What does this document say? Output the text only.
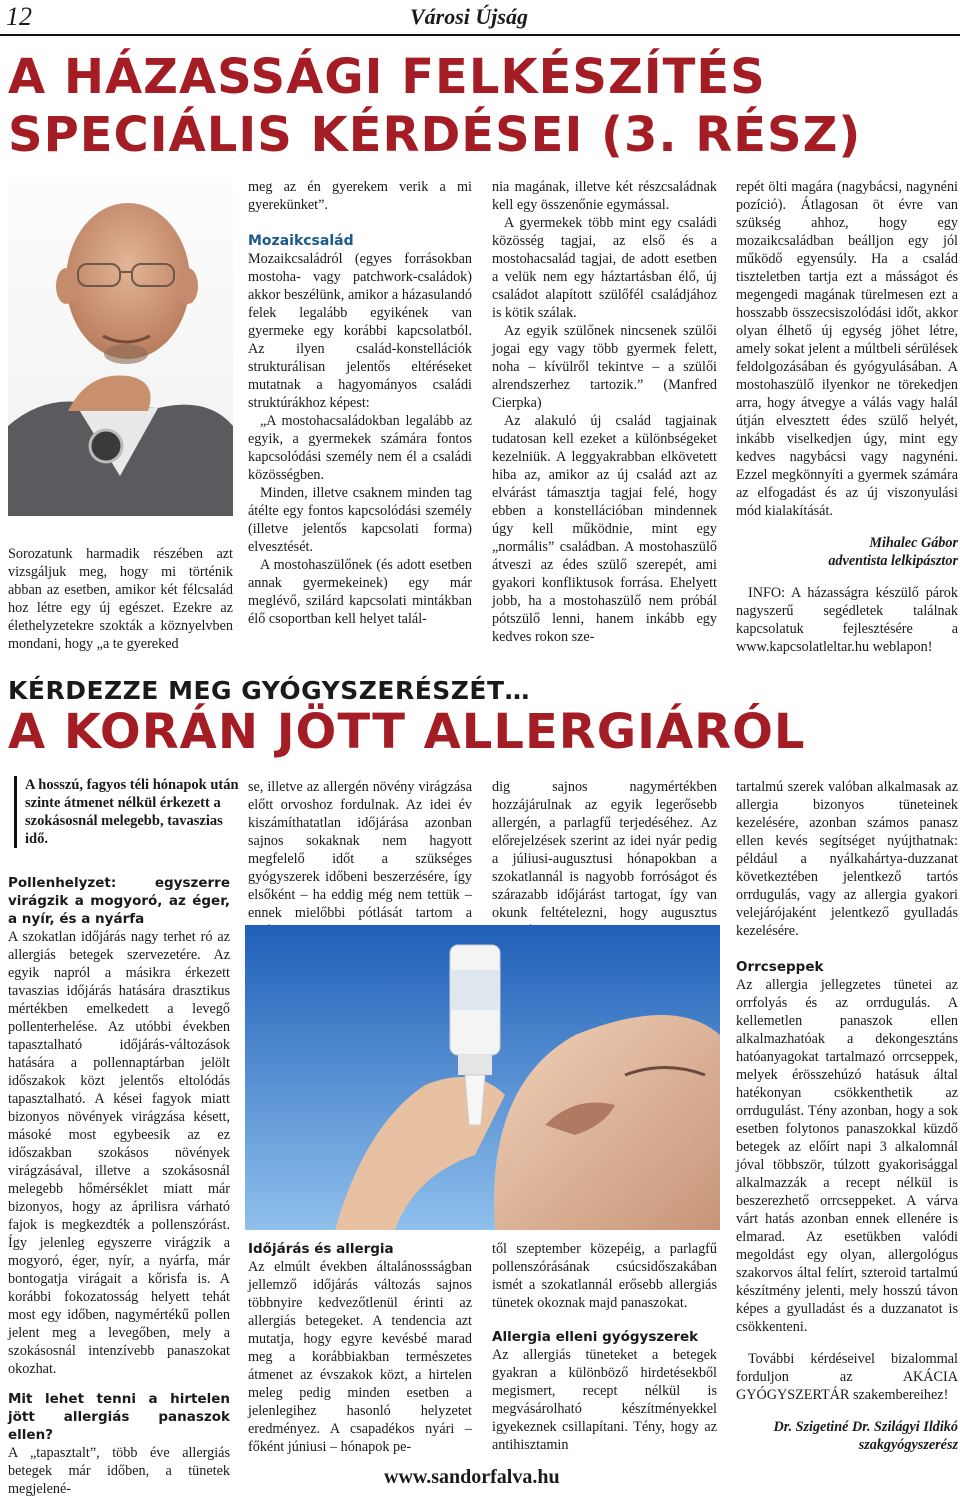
12	Városi Újság
A HÁZASSÁGI FELKÉSZÍTÉS SPECIÁLIS KÉRDÉSEI (3. RÉSZ)

Sorozatunk harmadik részében azt vizsgáljuk meg, hogy mi történik abban az esetben, amikor két félcsalád hoz létre egy új egészet. Ezekre az élethelyzetekre szokták a köznyelvben mondani, hogy „a te gyereked

meg az én gyerekem verik a mi gyerekünket”.

Mozaikcsalád

Mozaikcsaládról (egyes forrásokban mostoha- vagy patchwork-családok) akkor beszélünk, amikor a házasulandó felek legalább egyikének van gyermeke egy korábbi kapcsolatból. Az ilyen család-konstellációk strukturálisan jelentős eltéréseket mutatnak a hagyományos családi struktúrákhoz képest:

„A mostohacsaládokban legalább az egyik, a gyermekek számára fontos kapcsolódási személy nem él a családi közösségben.

Minden, illetve csaknem minden tag átélte egy fontos kapcsolódási személy (illetve jelentős kapcsolati forma) elvesztését.

A mostohaszülőnek (és adott esetben annak gyermekeinek) egy már meglévő, szilárd kapcsolati mintákban élő csoportban kell helyet talál-

nia magának, illetve két részcsaládnak kell egy összenőnie egymással.

A gyermekek több mint egy családi közösség tagjai, az első és a mostohacsalád tagjai, de adott esetben a velük nem egy háztartásban élő, új családot alapított szülőfél családjához is kötik szálak.

Az egyik szülőnek nincsenek szülői jogai egy vagy több gyermek felett, noha – kívülről tekintve – a szülői alrendszerhez tartozik.” (Manfred Cierpka)

Az alakuló új család tagjainak tudatosan kell ezeket a különbségeket kezelniük. A leggyakrabban elkövetett hiba az, amikor az új család azt az elvárást támasztja tagjai felé, hogy ebben a konstellációban mindennek úgy kell működnie, mint egy „normális” családban. A mostohaszülő átveszi az édes szülő szerepét, ami gyakori konfliktusok forrása. Ehelyett jobb, ha a mostohaszülő nem próbál pótszülő lenni, hanem inkább egy kedves rokon sze-

repét ölti magára (nagybácsi, nagynéni pozíció). Átlagosan öt évre van szükség ahhoz, hogy egy mozaikcsaládban beálljon egy jól működő egyensúly. Ha a család tiszteletben tartja ezt a másságot és megengedi magának türelmesen ezt a hosszabb összecsiszolódási időt, akkor olyan élhető új egység jöhet létre, amely sokat jelent a múltbeli sérülések feldolgozásában és gyógyulásában. A mostohaszülő ilyenkor ne törekedjen arra, hogy átvegye a válás vagy halál útján elvesztett édes szülő helyét, inkább viselkedjen úgy, mint egy kedves nagybácsi vagy nagynéni. Ezzel megkönnyíti a gyermek számára az elfogadást és az új viszonyulási mód kialakítását.

Mihalec Gábor
adventista lelkipásztor

INFO: A házasságra készülő párok nagyszerű segédletek találnak kapcsolatuk fejlesztésére a www.kapcsolatleltar.hu weblapon!

KÉRDEZZE MEG GYÓGYSZERÉSZÉT…
A KORÁN JÖTT ALLERGIÁRÓL
A hosszú, fagyos téli hónapok után szinte átmenet nélkül érkezett a szokásosnál melegebb, tavaszias idő.
Pollenhelyzet: egyszerre virágzik a mogyoró, az éger, a nyír, és a nyárfa

A szokatlan időjárás nagy terhet ró az allergiás betegek szervezetére. Az egyik napról a másikra érkezett tavaszias időjárás hatására drasztikus mértékben emelkedett a levegő pollenterhelése. Az utóbbi években tapasztalható időjárás-változások hatására a pollennaptárban jelölt időszakok közt jelentős eltolódás tapasztalható. A kései fagyok miatt bizonyos növények virágzása késett, másoké most egybeesik az ez időszakban szokásos növények virágzásával, illetve a szokásosnál melegebb hőmérséklet miatt már bizonyos, hogy az áprilisra várható fajok is megkezdték a pollenszórást. Így jelenleg egyszerre virágzik a mogyoró, éger, nyír, a nyárfa, már bontogatja virágait a kőrisfa is. A korábbi fokozatosság helyett tehát most egy időben, nagymértékű pollen jelent meg a levegőben, mely a szokásosnál intenzívebb panaszokat okozhat.

Mit lehet tenni a hirtelen jött allergiás panaszok ellen?

A „tapasztalt”, több éve allergiás betegek már időben, a tünetek megjelené-

se, illetve az allergén növény virágzása előtt orvoshoz fordulnak. Az idei év kiszámíthatatlan időjárása azonban sajnos sokaknak nem hagyott megfelelő időt a szükséges gyógyszerek időbeni beszerzésére, így elsőként – ha eddig még nem tettük – ennek mielőbbi pótlását tartom a

dig sajnos nagymértékben hozzájárulnak az egyik legerősebb allergén, a parlagfű terjedéséhez. Az előrejelzések szerint az idei nyár pedig a júliusi-augusztusi hónapokban a szokatlannál is nagyobb forróságot és szárazabb időjárást tartogat, így van okunk feltételezni, hogy augusztus

Időjárás és allergia

Az elmúlt években általánossságban jellemző időjárás változás sajnos többnyire kedvezőtlenül érinti az allergiás betegeket. A tendencia azt mutatja, hogy egyre kevésbé marad meg a korábbiakban természetes átmenet az évszakok közt, a hirtelen meleg pedig minden esetben a jelenlegihez hasonló helyzetet eredményez. A csapadékos nyári – főként júniusi – hónapok pe-

től szeptember közepéig, a parlagfű pollenszórásának csúcsidőszakában ismét a szokatlannál erősebb allergiás tünetek okoznak majd panaszokat.

Allergia elleni gyógyszerek

Az allergiás tüneteket a betegek gyakran a különböző hirdetésekből megismert, recept nélkül is megvásárolható készítményekkel igyekeznek csillapítani. Tény, hogy az antihisztamin

tartalmú szerek valóban alkalmasak az allergia bizonyos tüneteinek kezelésére, azonban számos panasz ellen kevés segítséget nyújthatnak: például a nyálkahártya-duzzanat következtében jelentkező tartós orrdugulás, vagy az allergia gyakori velejárójaként jelentkező gyulladás kezelésére.

Orrcseppek

Az allergia jellegzetes tünetei az orrfolyás és az orrdugulás. A kellemetlen panaszok ellen alkalmazhatóak a dekongesztáns hatóanyagokat tartalmazó orrcseppek, melyek érösszehúzó hatásuk által hatékonyan csökkenthetik az orrdugulást. Tény azonban, hogy a sok esetben folytonos panaszokkal küzdő betegek az előírt napi 3 alkalomnál jóval többször, túlzott gyakorisággal alkalmazzák a recept nélkül is beszerezhető orrcseppeket. A várva várt hatás azonban ennek ellenére is elmarad. Az esetükben valódi megoldást egy olyan, allergológus szakorvos által felírt, szteroid tartalmú készítmény jelenti, mely hosszú távon képes a gyulladást és a duzzanatot is csökkenteni.

További kérdéseivel bizalommal forduljon az AKÁCIA GYÓGYSZERTÁR szakembereihez!

Dr. Szigetiné Dr. Szilágyi Ildikó
szakgyógyszerész
www.sandorfalva.hu
